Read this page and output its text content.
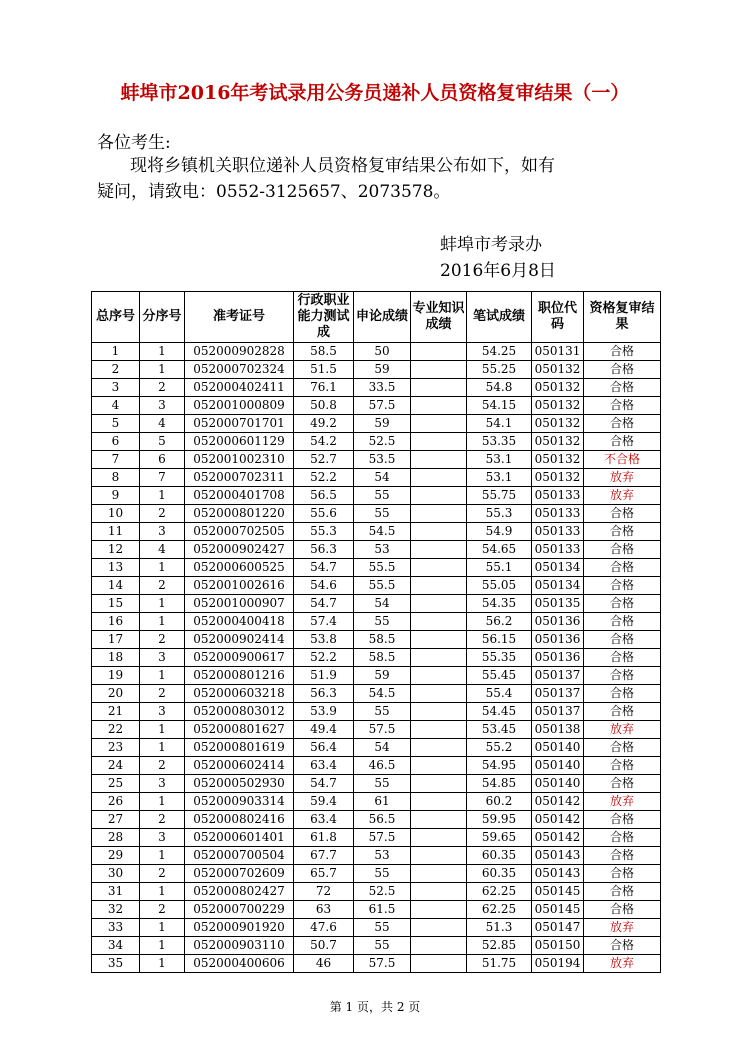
蚌埠市2016年考试录用公务员递补人员资格复审结果（一）
各位考生:
现将乡镇机关职位递补人员资格复审结果公布如下，如有
疑问，请致电：0552-3125657、2073578。
蚌埠市考录办
2016年6月8日
总序号	分序号	准考证号	行政职业能力测试成	申论成绩	专业知识成绩	笔试成绩	职位代码	资格复审结果
1	1	052000902828	58.5	50		54.25	050131	合格
2	1	052000702324	51.5	59		55.25	050132	合格
3	2	052000402411	76.1	33.5		54.8	050132	合格
4	3	052001000809	50.8	57.5		54.15	050132	合格
5	4	052000701701	49.2	59		54.1	050132	合格
6	5	052000601129	54.2	52.5		53.35	050132	合格
7	6	052001002310	52.7	53.5		53.1	050132	不合格
8	7	052000702311	52.2	54		53.1	050132	放弃
9	1	052000401708	56.5	55		55.75	050133	放弃
10	2	052000801220	55.6	55		55.3	050133	合格
11	3	052000702505	55.3	54.5		54.9	050133	合格
12	4	052000902427	56.3	53		54.65	050133	合格
13	1	052000600525	54.7	55.5		55.1	050134	合格
14	2	052001002616	54.6	55.5		55.05	050134	合格
15	1	052001000907	54.7	54		54.35	050135	合格
16	1	052000400418	57.4	55		56.2	050136	合格
17	2	052000902414	53.8	58.5		56.15	050136	合格
18	3	052000900617	52.2	58.5		55.35	050136	合格
19	1	052000801216	51.9	59		55.45	050137	合格
20	2	052000603218	56.3	54.5		55.4	050137	合格
21	3	052000803012	53.9	55		54.45	050137	合格
22	1	052000801627	49.4	57.5		53.45	050138	放弃
23	1	052000801619	56.4	54		55.2	050140	合格
24	2	052000602414	63.4	46.5		54.95	050140	合格
25	3	052000502930	54.7	55		54.85	050140	合格
26	1	052000903314	59.4	61		60.2	050142	放弃
27	2	052000802416	63.4	56.5		59.95	050142	合格
28	3	052000601401	61.8	57.5		59.65	050142	合格
29	1	052000700504	67.7	53		60.35	050143	合格
30	2	052000702609	65.7	55		60.35	050143	合格
31	1	052000802427	72	52.5		62.25	050145	合格
32	2	052000700229	63	61.5		62.25	050145	合格
33	1	052000901920	47.6	55		51.3	050147	放弃
34	1	052000903110	50.7	55		52.85	050150	合格
35	1	052000400606	46	57.5		51.75	050194	放弃
第 1 页，共 2 页
